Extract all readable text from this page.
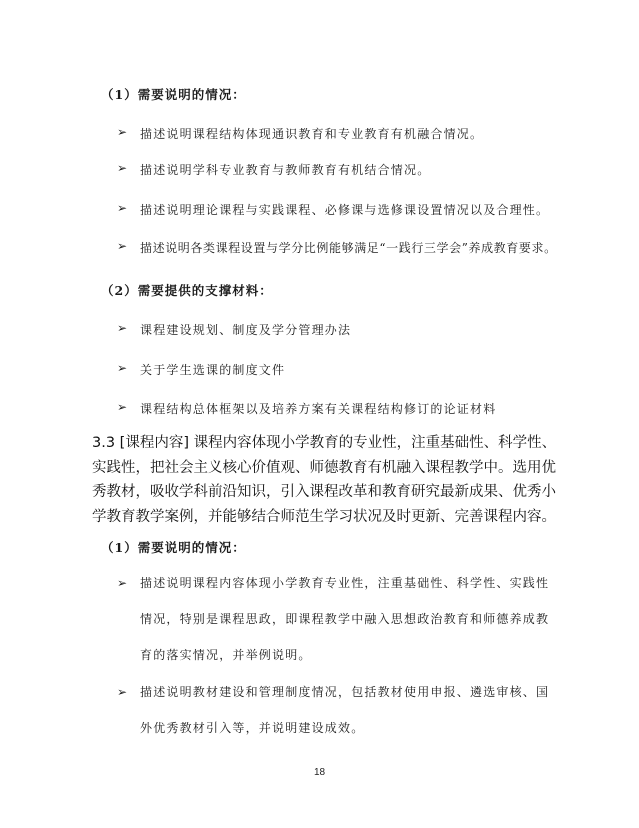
（1）需要说明的情况：
➢ 描述说明课程结构体现通识教育和专业教育有机融合情况。
➢ 描述说明学科专业教育与教师教育有机结合情况。
➢ 描述说明理论课程与实践课程、必修课与选修课设置情况以及合理性。
➢ 描述说明各类课程设置与学分比例能够满足“一践行三学会”养成教育要求。
（2）需要提供的支撑材料：
➢ 课程建设规划、制度及学分管理办法
➢ 关于学生选课的制度文件
➢ 课程结构总体框架以及培养方案有关课程结构修订的论证材料
3.3 [课程内容] 课程内容体现小学教育的专业性，注重基础性、科学性、实践性，把社会主义核心价值观、师德教育有机融入课程教学中。选用优秀教材，吸收学科前沿知识，引入课程改革和教育研究最新成果、优秀小学教育教学案例，并能够结合师范生学习状况及时更新、完善课程内容。
（1）需要说明的情况：
➢ 描述说明课程内容体现小学教育专业性，注重基础性、科学性、实践性情况，特别是课程思政，即课程教学中融入思想政治教育和师德养成教育的落实情况，并举例说明。
➢ 描述说明教材建设和管理制度情况，包括教材使用申报、遴选审核、国外优秀教材引入等，并说明建设成效。
18
